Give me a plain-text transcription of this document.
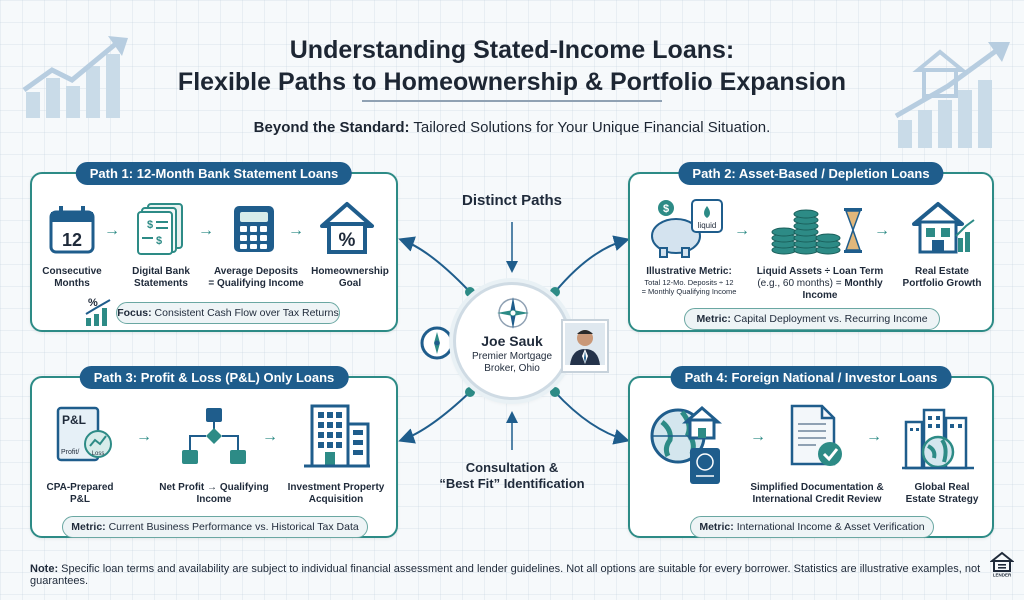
Understanding Stated-Income Loans:
Flexible Paths to Homeownership & Portfolio Expansion
Beyond the Standard: Tailored Solutions for Your Unique Financial Situation.
Path 1: 12-Month Bank Statement Loans
12 → $
$
→	→ %
Consecutive
Months
Digital Bank
Statements
Average Deposits
= Qualifying Income
Homeownership
Goal
%
Focus: Consistent Cash Flow over Tax Returns
Path 2: Asset-Based / Depletion Loans
$
liquid →	→
Illustrative Metric:
Total 12-Mo. Deposits ÷ 12
= Monthly Qualifying Income
Liquid Assets ÷ Loan Term
(e.g., 60 months) = Monthly Income
Real Estate
Portfolio Growth
Metric: Capital Deployment vs. Recurring Income
Path 3: Profit & Loss (P&L) Only Loans
P&L
Profit/ Loss
→	→
CPA-Prepared
P&L
Net Profit → Qualifying
Income
Investment Property
Acquisition
Metric: Current Business Performance vs. Historical Tax Data
Path 4: Foreign National / Investor Loans
→	→
Simplified Documentation &
International Credit Review
Global Real
Estate Strategy
Metric: International Income & Asset Verification
Distinct Paths
Joe Sauk
Premier Mortgage
Broker, Ohio
Consultation &
“Best Fit” Identification
Note: Specific loan terms and availability are subject to individual financial assessment and lender guidelines. Not all options are suitable for every borrower. Statistics are illustrative examples, not guarantees.	LENDER
